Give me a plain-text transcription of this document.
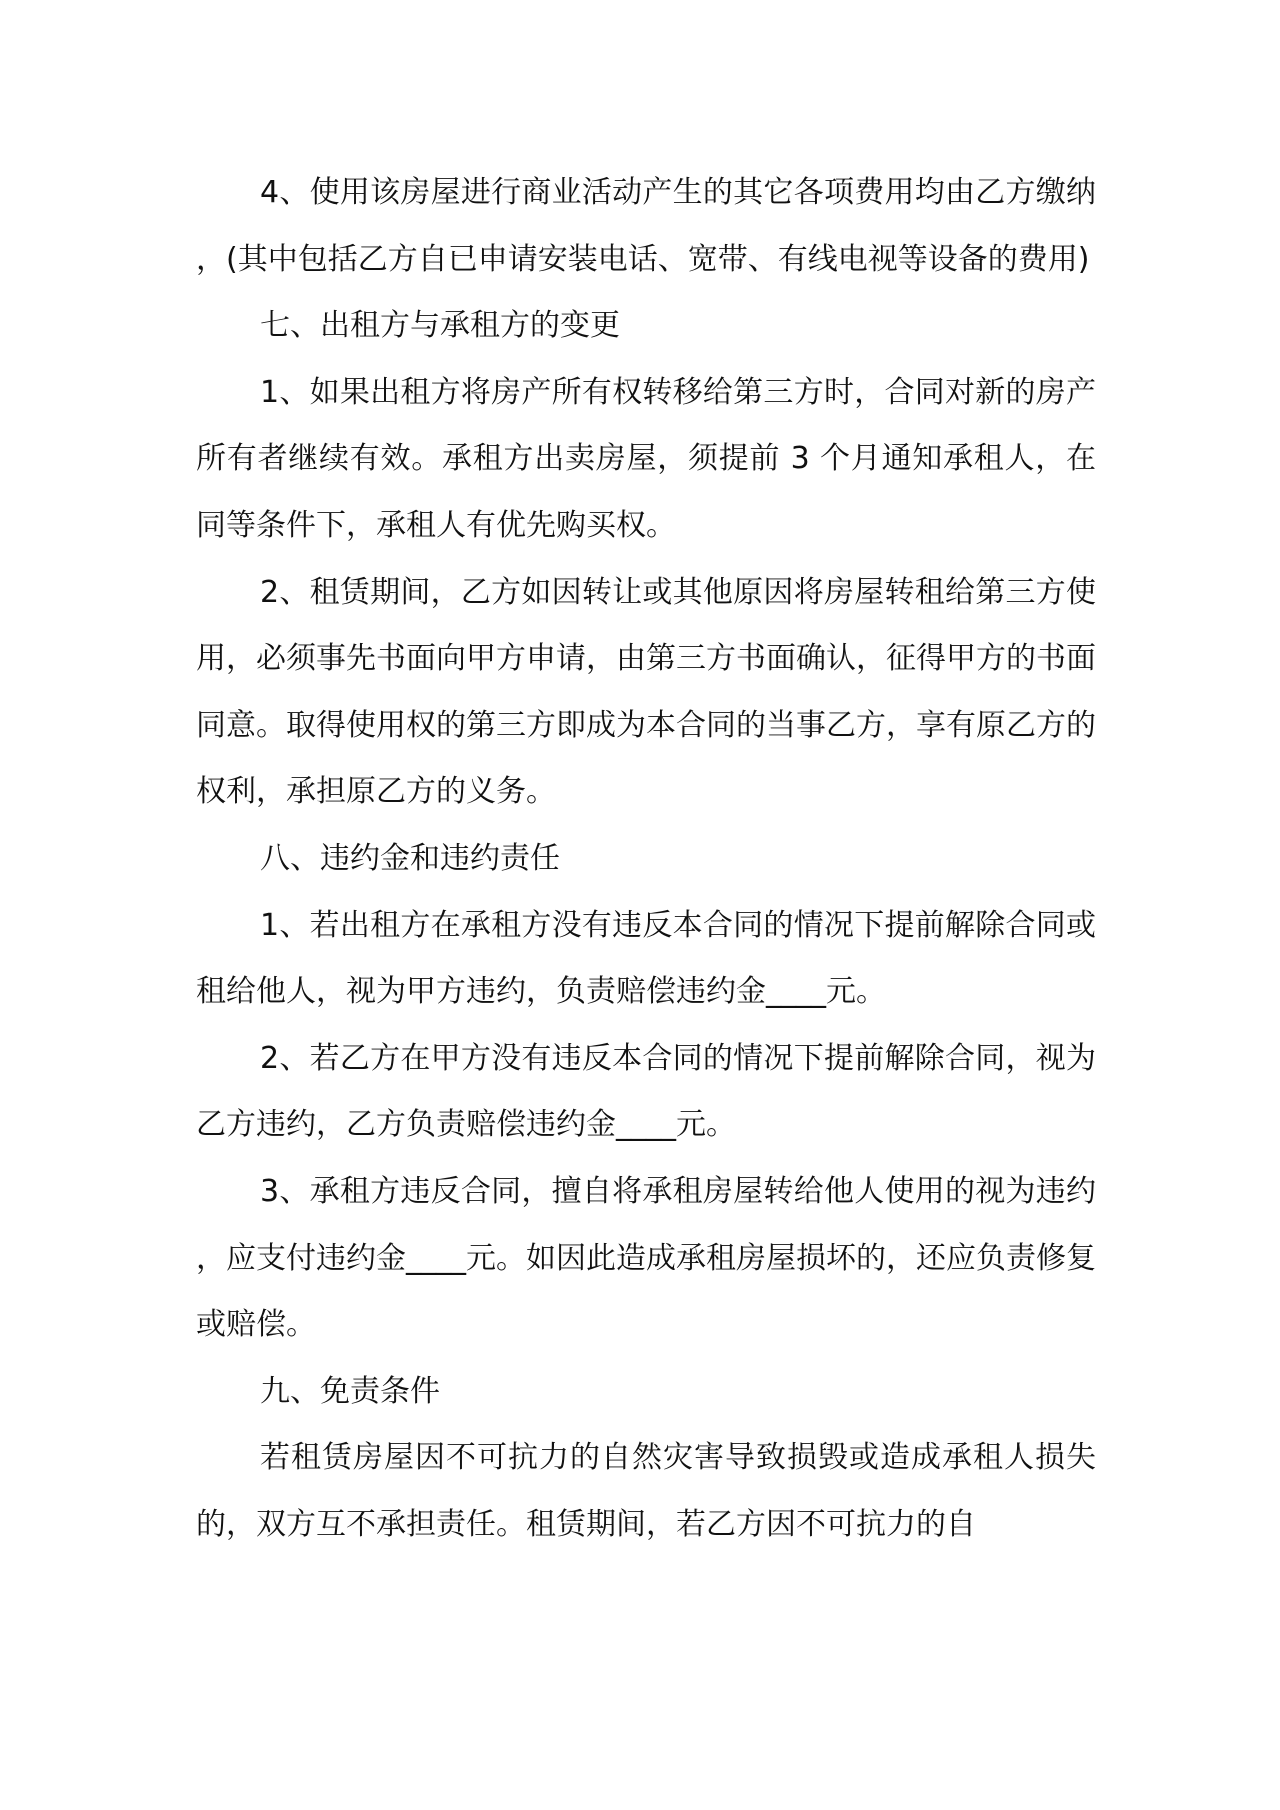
4、使用该房屋进行商业活动产生的其它各项费用均由乙方缴纳，(其中包括乙方自已申请安装电话、宽带、有线电视等设备的费用)

七、出租方与承租方的变更

1、如果出租方将房产所有权转移给第三方时，合同对新的房产所有者继续有效。承租方出卖房屋，须提前 3 个月通知承租人，在同等条件下，承租人有优先购买权。

2、租赁期间，乙方如因转让或其他原因将房屋转租给第三方使用，必须事先书面向甲方申请，由第三方书面确认，征得甲方的书面同意。取得使用权的第三方即成为本合同的当事乙方，享有原乙方的权利，承担原乙方的义务。

八、违约金和违约责任

1、若出租方在承租方没有违反本合同的情况下提前解除合同或租给他人，视为甲方违约，负责赔偿违约金____元。

2、若乙方在甲方没有违反本合同的情况下提前解除合同，视为乙方违约，乙方负责赔偿违约金____元。

3、承租方违反合同，擅自将承租房屋转给他人使用的视为违约，应支付违约金____元。如因此造成承租房屋损坏的，还应负责修复或赔偿。

九、免责条件

若租赁房屋因不可抗力的自然灾害导致损毁或造成承租人损失的，双方互不承担责任。租赁期间，若乙方因不可抗力的自
